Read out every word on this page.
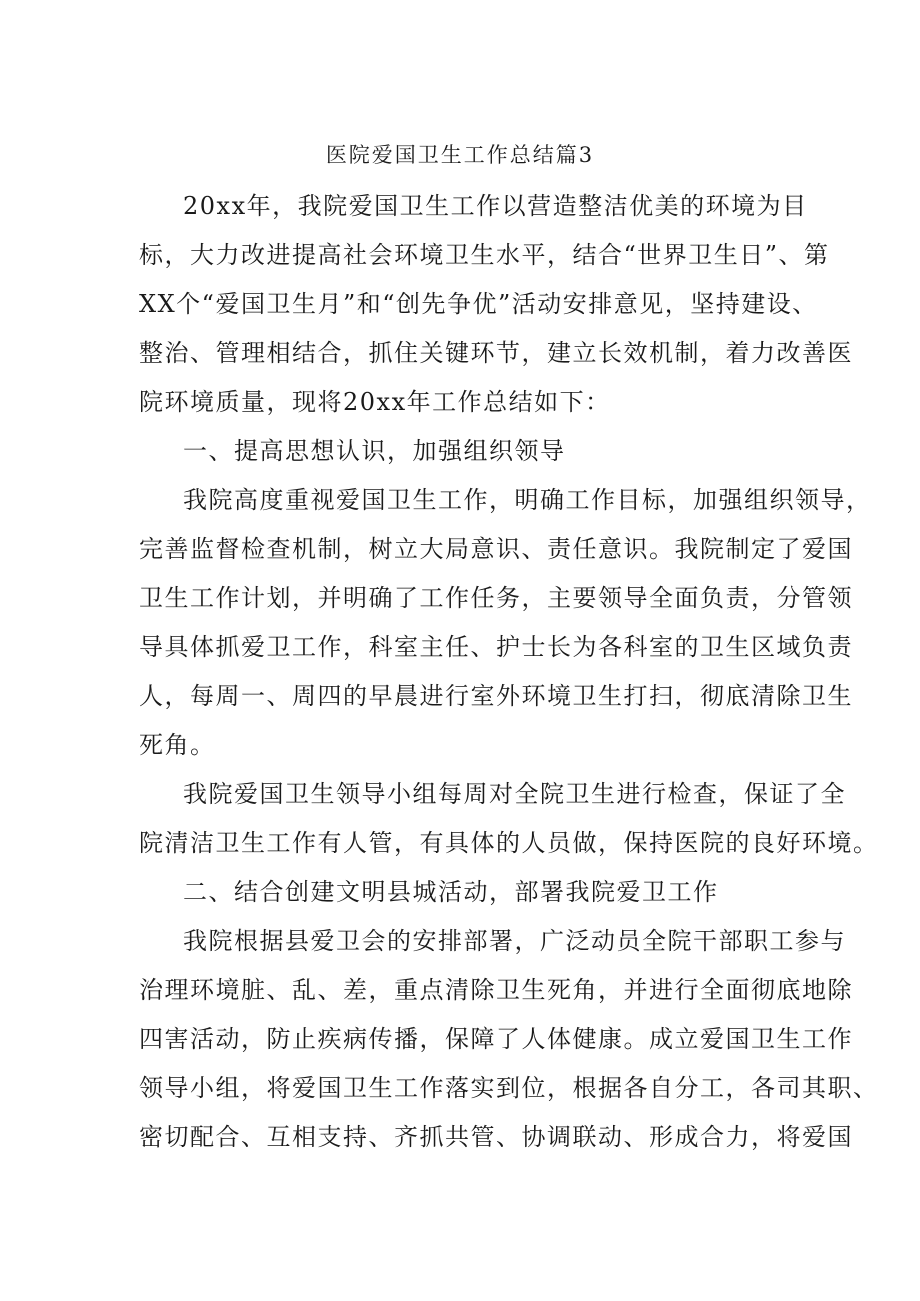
医院爱国卫生工作总结篇3

20xx年，我院爱国卫生工作以营造整洁优美的环境为目

标，大力改进提高社会环境卫生水平，结合“世界卫生日”、第

XX个“爱国卫生月”和“创先争优”活动安排意见，坚持建设、

整治、管理相结合，抓住关键环节，建立长效机制，着力改善医

院环境质量，现将20xx年工作总结如下：

一、提高思想认识，加强组织领导

我院高度重视爱国卫生工作，明确工作目标，加强组织领导，

完善监督检查机制，树立大局意识、责任意识。我院制定了爱国

卫生工作计划，并明确了工作任务，主要领导全面负责，分管领

导具体抓爱卫工作，科室主任、护士长为各科室的卫生区域负责

人，每周一、周四的早晨进行室外环境卫生打扫，彻底清除卫生

死角。

我院爱国卫生领导小组每周对全院卫生进行检查，保证了全

院清洁卫生工作有人管，有具体的人员做，保持医院的良好环境。

二、结合创建文明县城活动，部署我院爱卫工作

我院根据县爱卫会的安排部署，广泛动员全院干部职工参与

治理环境脏、乱、差，重点清除卫生死角，并进行全面彻底地除

四害活动，防止疾病传播，保障了人体健康。成立爱国卫生工作

领导小组，将爱国卫生工作落实到位，根据各自分工，各司其职、

密切配合、互相支持、齐抓共管、协调联动、形成合力，将爱国
